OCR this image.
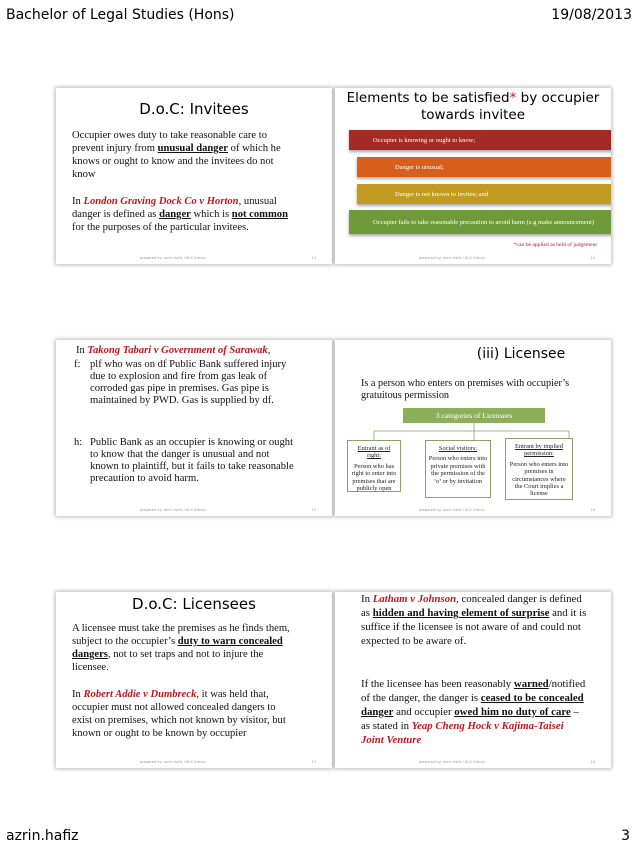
Bachelor of Legal Studies (Hons)	19/08/2013
D.o.C: Invitees
Occupier owes duty to take reasonable care to prevent injury from unusual danger of which he knows or ought to know and the invitees do not know
In London Graving Dock Co v Horton, unusual danger is defined as danger which is not common for the purposes of the particular invitees.
prepared by: azrin hafiz / BLS (Hons)	13
Elements to be satisfied* by occupier towards invitee
Occupier is knowing or ought to know;
Danger is unusual;
Danger is not known to invitee; and
Occupier fails to take reasonable precaution to avoid harm (e.g make announcement)
*can be applied as held of judgement
prepared by: azrin hafiz / BLS (Hons)	14
In Takong Tabari v Government of Sarawak,
f: plf who was on df Public Bank suffered injury due to explosion and fire from gas leak of corroded gas pipe in premises. Gas pipe is maintained by PWD. Gas is supplied by df.
h: Public Bank as an occupier is knowing or ought to know that the danger is unusual and not known to plaintiff, but it fails to take reasonable precaution to avoid harm.
prepared by: azrin hafiz / BLS (Hons)	15
(iii) Licensee
Is a person who enters on premises with occupier’s gratuitous permission
3 categories of Licensees
Entrant as of right:
Person who has right to enter into premises that are publicly open
Social visitors:
Person who enters into private premises with the permission of the ‘o’ or by invitation
Entrant by implied permission:
Person who enters into premises in circumstances where the Court implies a license
prepared by: azrin hafiz / BLS (Hons)	16
D.o.C: Licensees
A licensee must take the premises as he finds them, subject to the occupier’s duty to warn concealed dangers, not to set traps and not to injure the licensee.
In Robert Addie v Dumbreck, it was held that, occupier must not allowed concealed dangers to exist on premises, which not known by visitor, but known or ought to be known by occupier
prepared by: azrin hafiz / BLS (Hons)	17
In Latham v Johnson, concealed danger is defined as hidden and having element of surprise and it is suffice if the licensee is not aware of and could not expected to be aware of.
If the licensee has been reasonably warned/notified of the danger, the danger is ceased to be concealed danger and occupier owed him no duty of care – as stated in Yeap Cheng Hock v Kajima-Taisei Joint Venture
prepared by: azrin hafiz / BLS (Hons)	18
azrin.hafiz	3
